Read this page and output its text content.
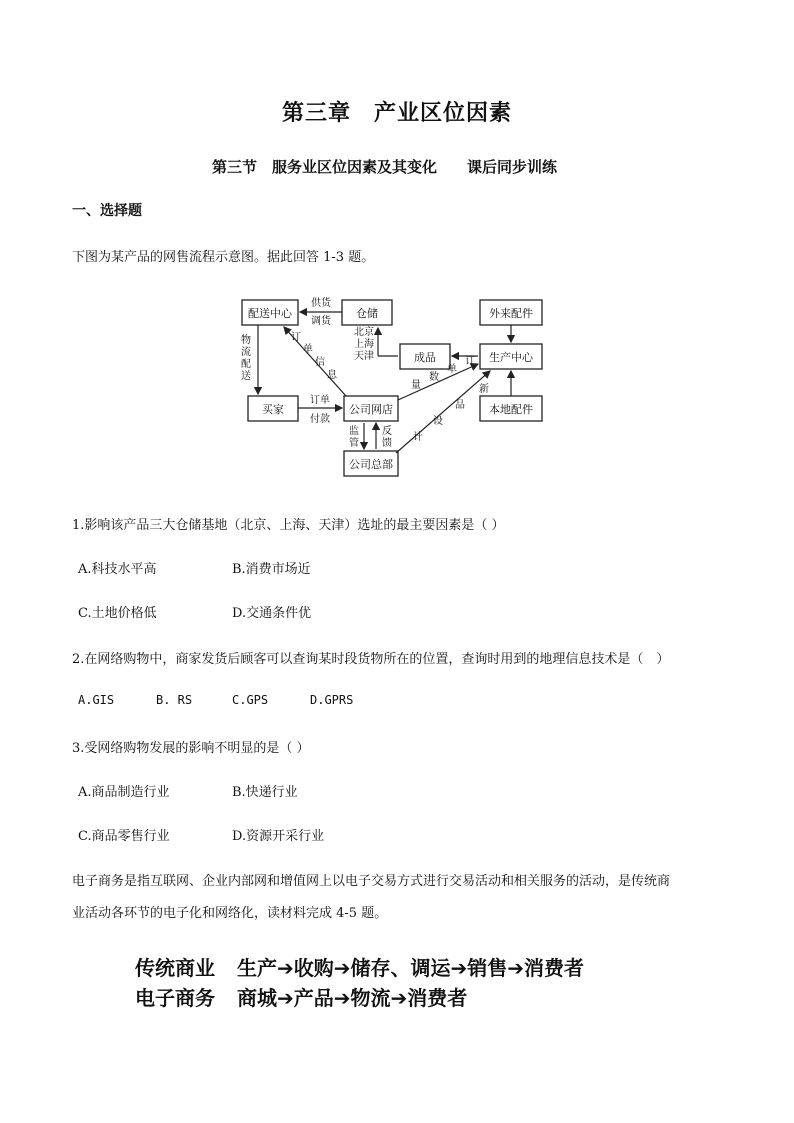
第三章　产业区位因素
第三节　服务业区位因素及其变化 课后同步训练
一、选择题
下图为某产品的网售流程示意图。据此回答 1-3 题。
配送中心	仓储	外来配件
成品	生产中心
买家	公司网店	本地配件
公司总部
供货
调货
北京
上海
天津
物
流
配
送
订
单
信
息
订单
付款
订
单
数
量	新
品
设
计
监
管
反
馈
1.影响该产品三大仓储基地（北京、上海、天津）选址的最主要因素是（ ）
A.科技水平高	B.消费市场近
C.土地价格低	D.交通条件优
2.在网络购物中，商家发货后顾客可以查询某时段货物所在的位置，查询时用到的地理信息技术是（　）
A.GIS	B. RS	C.GPS	D.GPRS
3.受网络购物发展的影响不明显的是（ ）
A.商品制造行业	B.快递行业
C.商品零售行业	D.资源开采行业
电子商务是指互联网、企业内部网和增值网上以电子交易方式进行交易活动和相关服务的活动，是传统商
业活动各环节的电子化和网络化，读材料完成 4-5 题。
传统商业 生产➔收购➔储存、调运➔销售➔消费者
电子商务 商城➔产品➔物流➔消费者
